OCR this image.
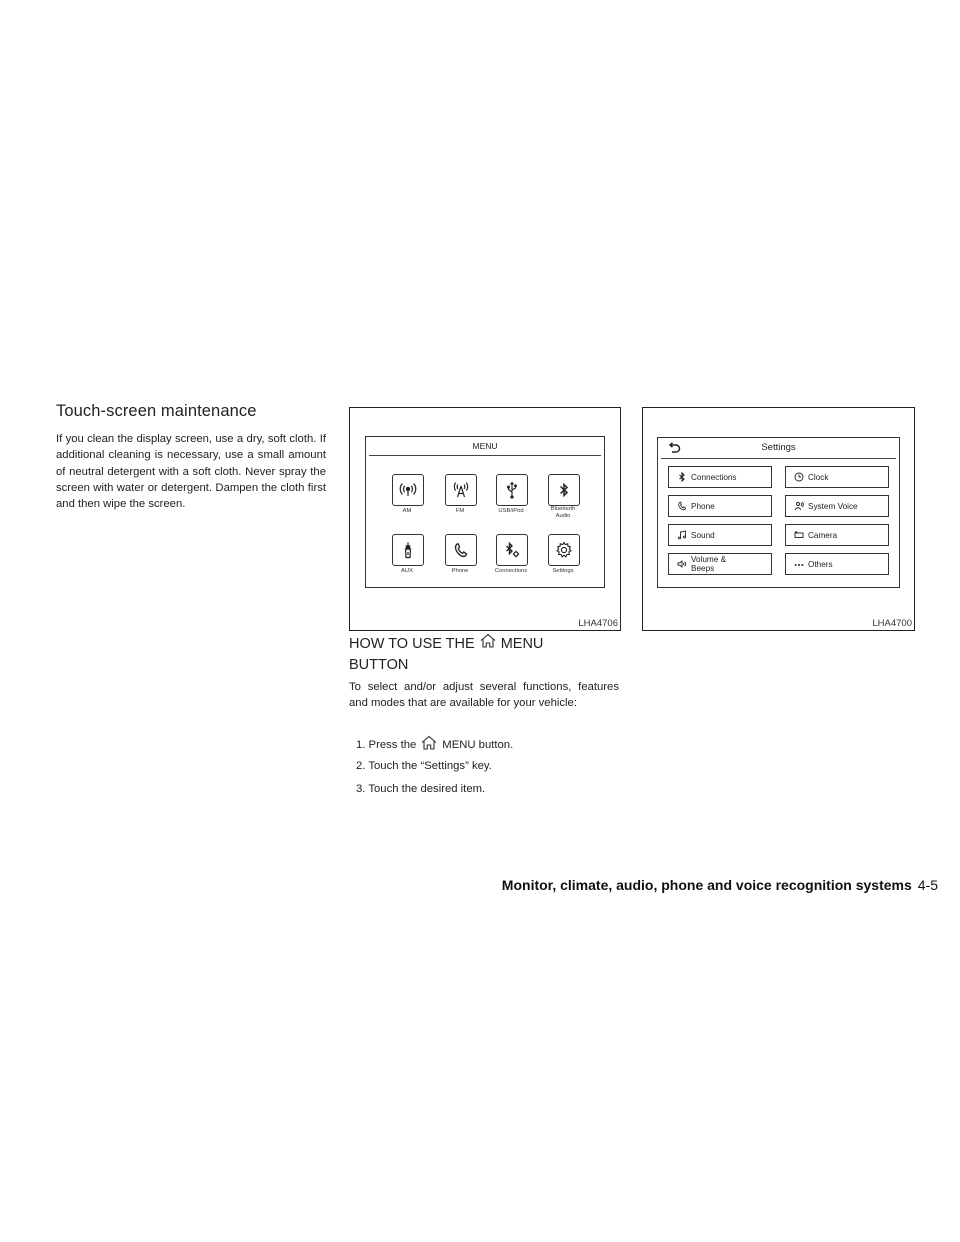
Touch-screen maintenance
If you clean the display screen, use a dry, soft cloth. If additional cleaning is necessary, use a small amount of neutral detergent with a soft cloth. Never spray the screen with water or detergent. Dampen the cloth first and then wipe the screen.
MENU
AM	FM	USB/iPod	Bluetooth
Audio
AUX	Phone	Connections	Settings
LHA4706
Settings
Connections	Clock
Phone	System Voice
Sound	Camera
Volume &
Beeps	Others
LHA4700
HOW TO USE THE MENU
BUTTON
To select and/or adjust several functions, features and modes that are available for your vehicle:
1. Press the MENU button.
2. Touch the “Settings” key.
3. Touch the desired item.
Monitor, climate, audio, phone and voice recognition systems 4-5
